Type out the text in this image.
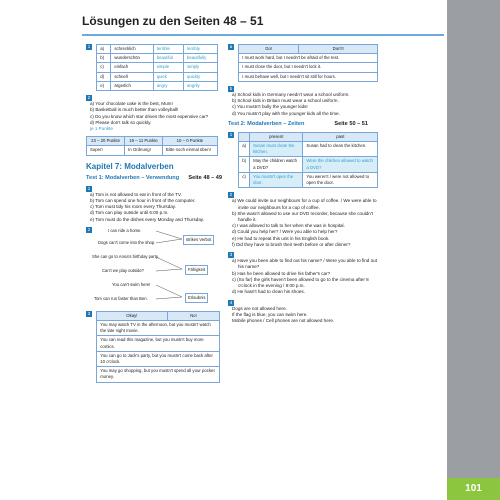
101
Lösungen zu den Seiten 48 – 51
1 a)	schrecklich	terrible	terribly
b)	wunderschön	beautiful	beautifully
c)	einfach	simple	simply
d)	schnell	quick	quickly
e)	ärgerlich	angry	angrily
2
a) Your chocolate cake is the best, Mum!
b) Basketball is much better than volleyball!
c) Do you know which star drives the most expensive car?
d) Please don't talk so quickly.
je 1 Punkte
23 – 20 Punkte	19 – 11 Punkte	10 – 0 Punkte
Super!	In Ordnung!	Bitte noch einmal üben!
Kapitel 7: Modalverben
Seite 48 – 49
Test 1: Modalverben – Verwendung
1
a) Tom is not allowed to eat in front of the TV.
b) Tom can spend one hour in front of the computer.
c) Tom must tidy his room every Thursday.
d) Tom can play outside until 6:00 p.m.
e) Tom must do the dishes every Monday and Thursday.
2	I can ride a horse.
Dogs can't come into the shop.
She can go to Anna's birthday party.
Can't we play outside?
You can't swim here!
Tom can run faster than Ben.
strikes Verbot
Fähigkeit
Erlaubnis
3	Okay!	No!
You may watch TV in the afternoon, but you mustn't watch the late night movie.
You can read this magazine, but you mustn't buy more comics.
You can go to Jack's party, but you mustn't come back after 10 o'clock.
You may go shopping, but you mustn't spend all your pocket money.
a	Do!	Don't!
I must work hard, but I needn't be afraid of the test.
I must close the door, but I needn't lock it.
I must behave well, but I needn't sit still for hours.
b
a) School kids in Germany needn't wear a school uniform.
b) School kids in Britain must wear a school uniform.
c) You mustn't bully the younger kids!
d) You mustn't play with the younger kids all the time.
Seite 50 – 51
Test 2: Modalverben – Zeiten
1		present	past
a)	Susan must clean the kitchen.	Susan had to clean the kitchen.
b)	May the children watch a DVD?	Were the children allowed to watch a DVD?
c)	You mustn't open the door.	You weren't / were not allowed to open the door.
2
a) We could invite our neighbours for a cup of coffee. / We were able to invite our neighbours for a cup of coffee.
b) She wasn't allowed to use our DVD recorder, because she couldn't handle it.
c) I was allowed to talk to her when she was in hospital.
d) Could you help her? / Were you able to help her?
e) He had to repeat this unit in his English book.
f) Did they have to brush their teeth before or after dinner?
3
a) Have you been able to find out his name? / Were you able to find out his name?
b) Has he been allowed to drive his father's car?
c) (So far) the girls haven't been allowed to go to the cinema after 8 o'clock in the evening / 8:00 p.m.
d) He hasn't had to clean his shoes.
4
Dogs are not allowed here.
If the flag is blue, you can swim here.
Mobile phones / Cell phones are not allowed here.
